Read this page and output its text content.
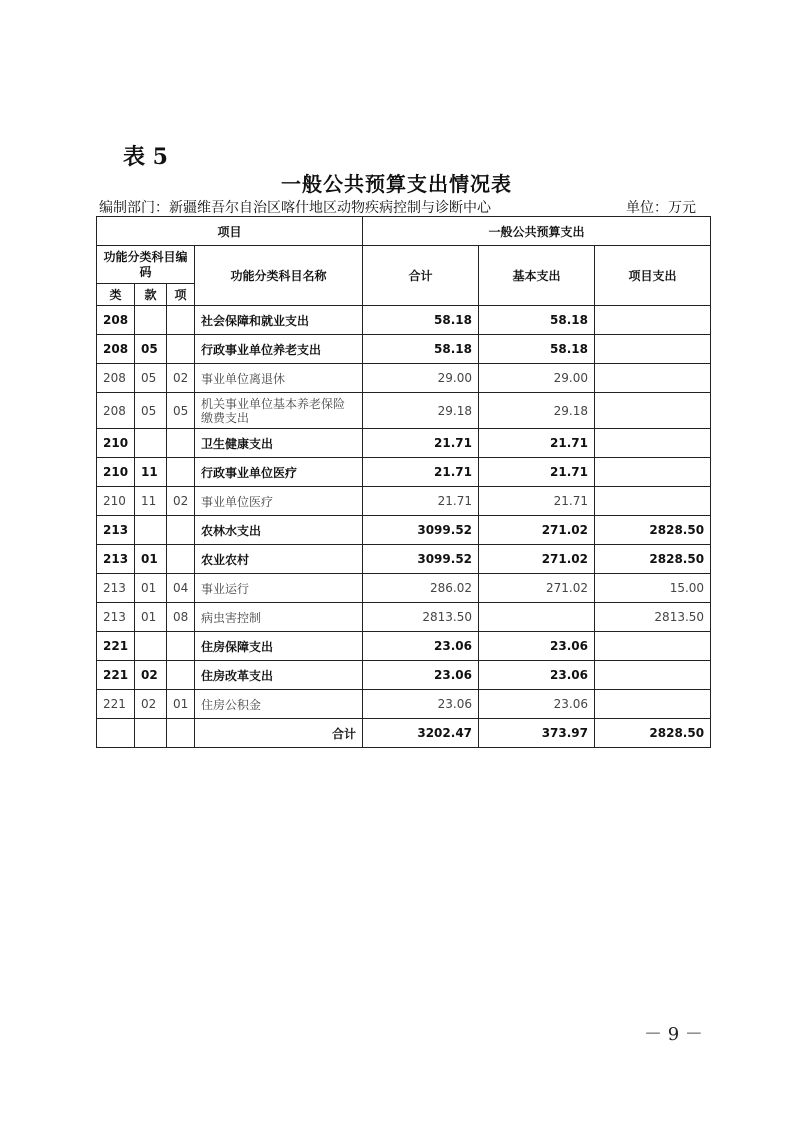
表 5
一般公共预算支出情况表
编制部门：新疆维吾尔自治区喀什地区动物疾病控制与诊断中心	单位：万元
项目				一般公共预算支出		
功能分类科目编码			功能分类科目名称	合计	基本支出	项目支出
类	款	项				
208			社会保障和就业支出	58.18	58.18	
208	05		行政事业单位养老支出	58.18	58.18	
208	05	02	事业单位离退休	29.00	29.00	
208	05	05	机关事业单位基本养老保险缴费支出	29.18	29.18	
210			卫生健康支出	21.71	21.71	
210	11		行政事业单位医疗	21.71	21.71	
210	11	02	事业单位医疗	21.71	21.71	
213			农林水支出	3099.52	271.02	2828.50
213	01		农业农村	3099.52	271.02	2828.50
213	01	04	事业运行	286.02	271.02	15.00
213	01	08	病虫害控制	2813.50		2813.50
221			住房保障支出	23.06	23.06	
221	02		住房改革支出	23.06	23.06	
221	02	01	住房公积金	23.06	23.06	
			合计	3202.47	373.97	2828.50
－ 9 －
